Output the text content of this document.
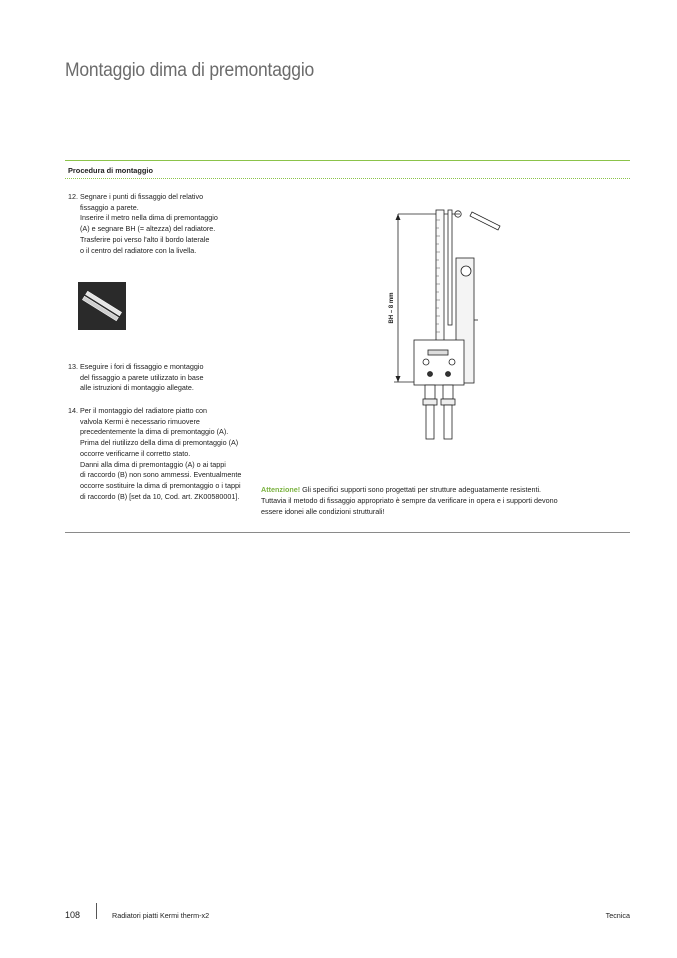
Montaggio dima di premontaggio
Procedura di montaggio
12. Segnare i punti di fissaggio del relativo
fissaggio a parete.
Inserire il metro nella dima di premontaggio
(A) e segnare BH (= altezza) del radiatore.
Trasferire poi verso l'alto il bordo laterale
o il centro del radiatore con la livella.
13. Eseguire i fori di fissaggio e montaggio
del fissaggio a parete utilizzato in base
alle istruzioni di montaggio allegate.
14. Per il montaggio del radiatore piatto con
valvola Kermi è necessario rimuovere
precedentemente la dima di premontaggio (A).
Prima del riutilizzo della dima di premontaggio (A)
occorre verificarne il corretto stato.
Danni alla dima di premontaggio (A) o ai tappi
di raccordo (B) non sono ammessi. Eventualmente
occorre sostituire la dima di premontaggio o i tappi
di raccordo (B) [set da 10, Cod. art. ZK00580001].
BH – 8 mm
Attenzione! Gli specifici supporti sono progettati per strutture adeguatamente resistenti.
Tuttavia il metodo di fissaggio appropriato è sempre da verificare in opera e i supporti devono
essere idonei alle condizioni strutturali!
108	Radiatori piatti Kermi therm-x2	Tecnica
